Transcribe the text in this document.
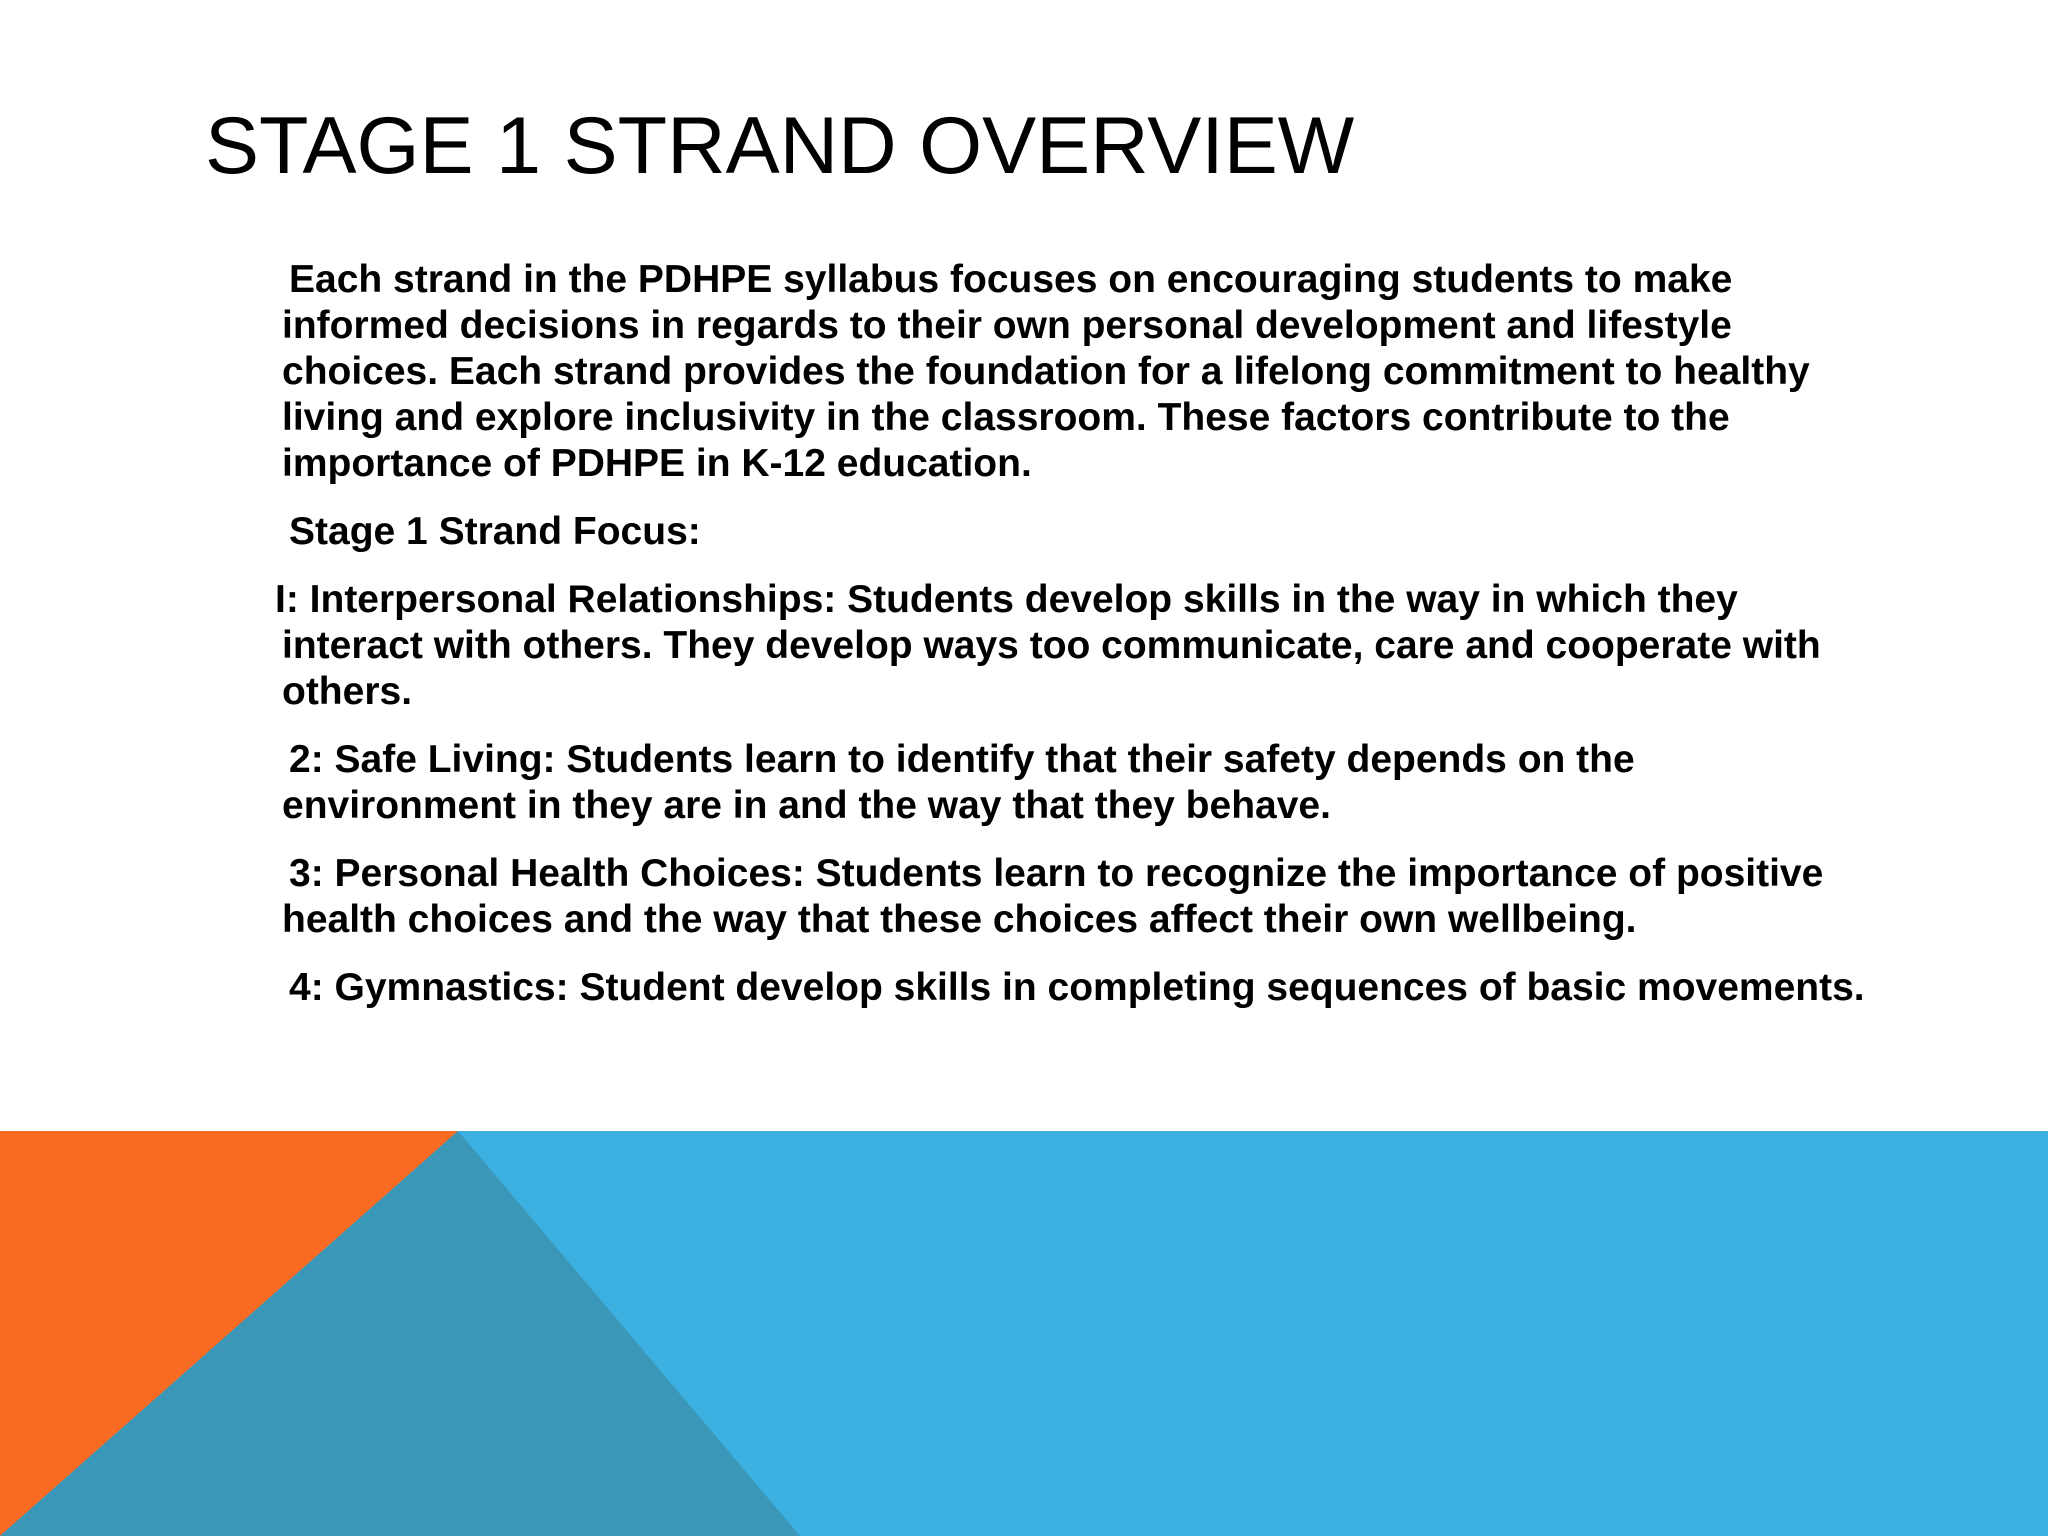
STAGE 1 STRAND OVERVIEW

Each strand in the PDHPE syllabus focuses on encouraging students to make informed decisions in regards to their own personal development and lifestyle choices. Each strand provides the foundation for a lifelong commitment to healthy living and explore inclusivity in the classroom. These factors contribute to the importance of PDHPE in K-12 education.

Stage 1 Strand Focus:

I: Interpersonal Relationships: Students develop skills in the way in which they interact with others. They develop ways too communicate, care and cooperate with others.

2: Safe Living: Students learn to identify that their safety depends on the environment in they are in and the way that they behave.

3: Personal Health Choices: Students learn to recognize the importance of positive health choices and the way that these choices affect their own wellbeing.

4: Gymnastics: Student develop skills in completing sequences of basic movements.
